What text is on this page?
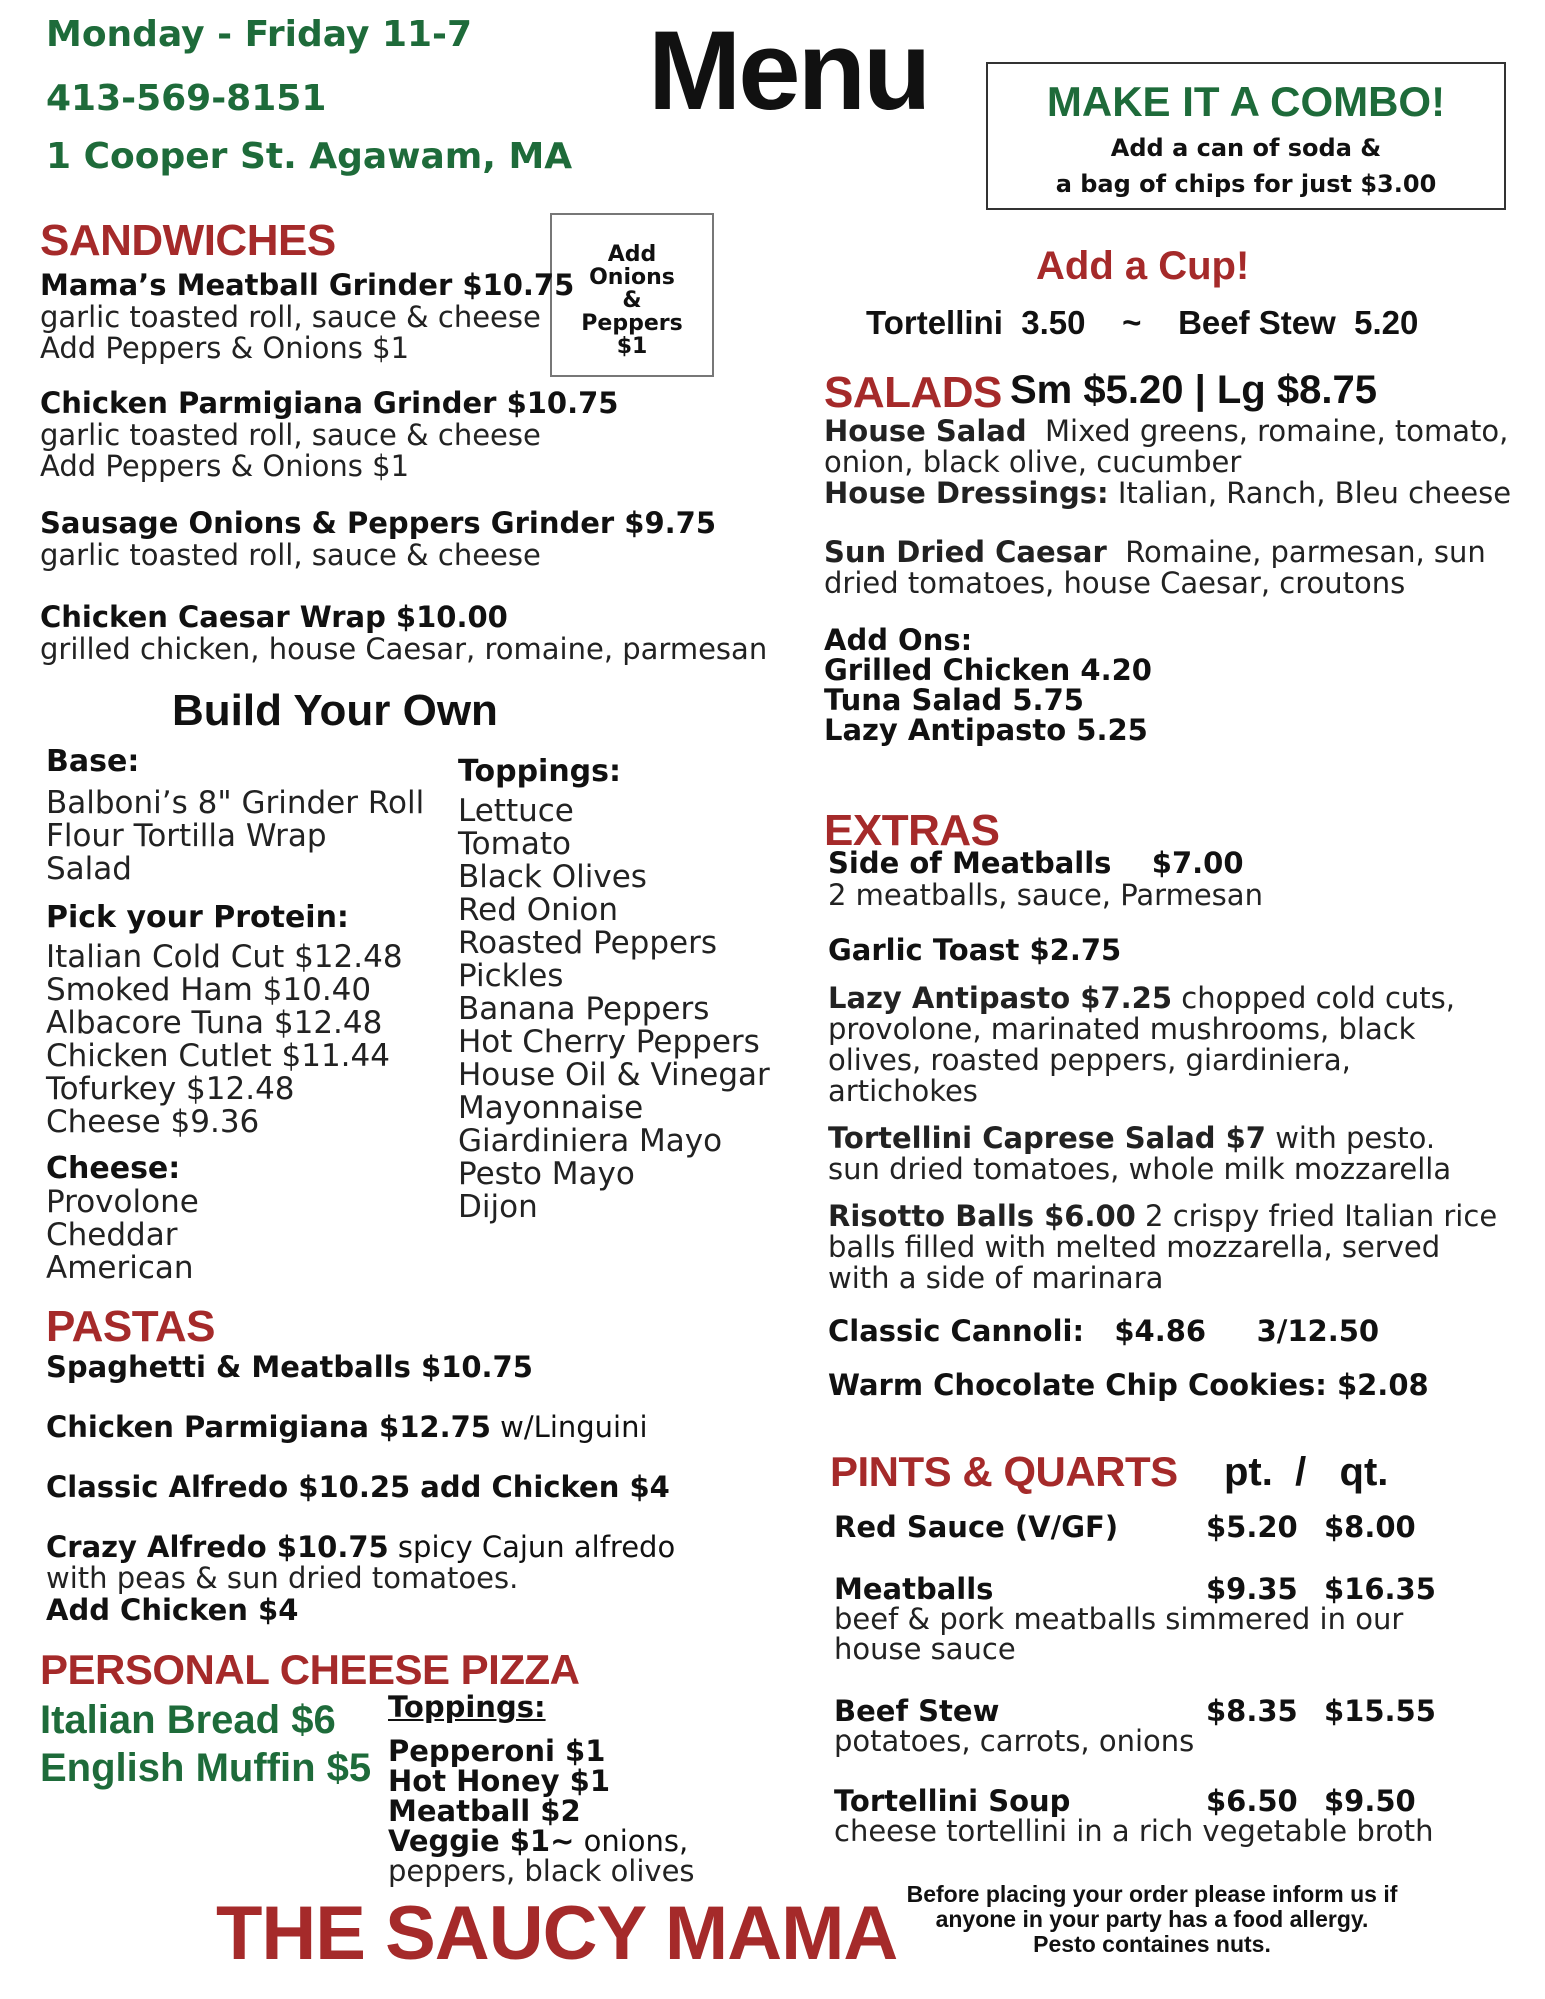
Monday - Friday 11-7
413-569-8151
1 Cooper St. Agawam, MA
Menu	MAKE IT A COMBO!
Add a can of soda &
a bag of chips for just $3.00
SANDWICHES	Add
Onions
&
Peppers
$1
Mama’s Meatball Grinder $10.75
garlic toasted roll, sauce & cheese
Add Peppers & Onions $1
Chicken Parmigiana Grinder $10.75
garlic toasted roll, sauce & cheese
Add Peppers & Onions $1
Sausage Onions & Peppers Grinder $9.75
garlic toasted roll, sauce & cheese
Chicken Caesar Wrap $10.00
grilled chicken, house Caesar, romaine, parmesan
Build Your Own
Base:
Balboni’s 8" Grinder Roll
Flour Tortilla Wrap
Salad
Pick your Protein:
Italian Cold Cut $12.48
Smoked Ham $10.40
Albacore Tuna $12.48
Chicken Cutlet $11.44
Tofurkey $12.48
Cheese $9.36
Cheese:
Provolone
Cheddar
American
Toppings:
Lettuce
Tomato
Black Olives
Red Onion
Roasted Peppers
Pickles
Banana Peppers
Hot Cherry Peppers
House Oil & Vinegar
Mayonnaise
Giardiniera Mayo
Pesto Mayo
Dijon
PASTAS
Spaghetti & Meatballs $10.75
Chicken Parmigiana $12.75 w/Linguini
Classic Alfredo $10.25 add Chicken $4
Crazy Alfredo $10.75 spicy Cajun alfredo
with peas & sun dried tomatoes.
Add Chicken $4
PERSONAL CHEESE PIZZA
Italian Bread $6
English Muffin $5
Toppings:
Pepperoni $1
Hot Honey $1
Meatball $2
Veggie $1~ onions,
peppers, black olives
THE SAUCY MAMA
Add a Cup!
Tortellini  3.50    ~    Beef Stew  5.20
SALADS Sm $5.20 | Lg $8.75
House Salad  Mixed greens, romaine, tomato,
onion, black olive, cucumber
House Dressings: Italian, Ranch, Bleu cheese
Sun Dried Caesar  Romaine, parmesan, sun
dried tomatoes, house Caesar, croutons
Add Ons:
Grilled Chicken 4.20
Tuna Salad 5.75
Lazy Antipasto 5.25
EXTRAS
Side of Meatballs    $7.00
2 meatballs, sauce, Parmesan
Garlic Toast $2.75
Lazy Antipasto $7.25 chopped cold cuts,
provolone, marinated mushrooms, black
olives, roasted peppers, giardiniera,
artichokes
Tortellini Caprese Salad $7 with pesto.
sun dried tomatoes, whole milk mozzarella
Risotto Balls $6.00 2 crispy fried Italian rice
balls filled with melted mozzarella, served
with a side of marinara
Classic Cannoli:   $4.86     3/12.50
Warm Chocolate Chip Cookies: $2.08
PINTS & QUARTS pt.  /   qt.
Red Sauce (V/GF)	$5.20 $8.00
Meatballs	$9.35 $16.35
beef & pork meatballs simmered in our
house sauce
Beef Stew	$8.35 $15.55
potatoes, carrots, onions
Tortellini Soup	$6.50 $9.50
cheese tortellini in a rich vegetable broth
Before placing your order please inform us if
anyone in your party has a food allergy.
Pesto containes nuts.
